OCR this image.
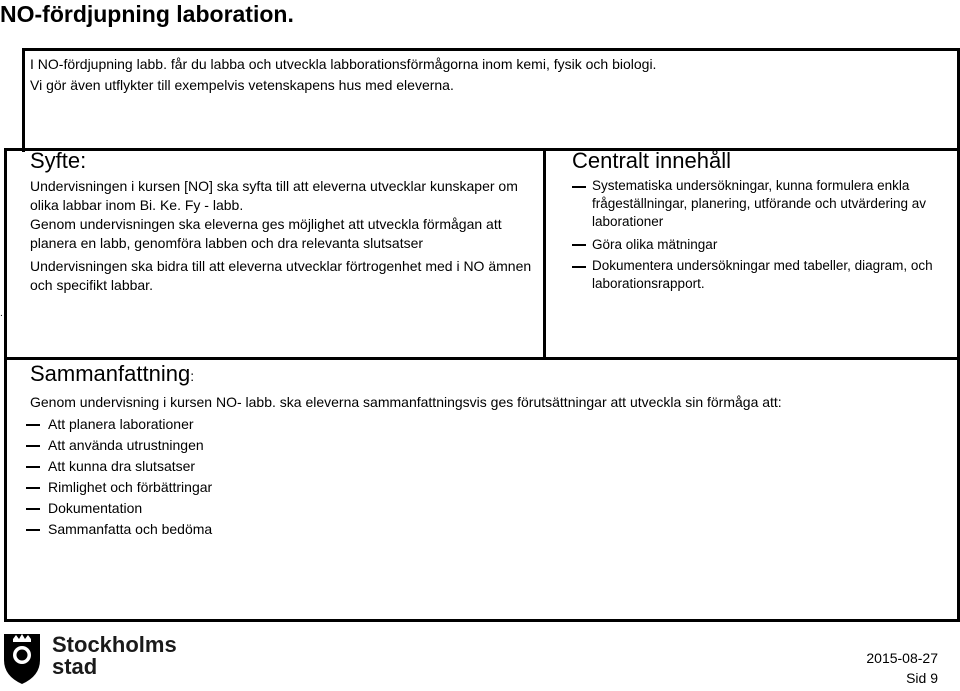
NO-fördjupning laboration.
I NO-fördjupning labb. får du labba och utveckla labborationsförmågorna inom kemi, fysik och biologi.
Vi gör även utflykter till exempelvis vetenskapens hus med eleverna.
Syfte:
Undervisningen i kursen [NO] ska syfta till att eleverna utvecklar kunskaper om olika labbar inom Bi. Ke. Fy - labb.
Genom undervisningen ska eleverna ges möjlighet att utveckla förmågan att planera en labb, genomföra labben och dra relevanta slutsatser
Undervisningen ska bidra till att eleverna utvecklar förtrogenhet med i NO ämnen och specifikt labbar.
Centralt innehåll
Systematiska undersökningar, kunna formulera enkla frågeställningar, planering, utförande och utvärdering av laborationer
Göra olika mätningar
Dokumentera undersökningar med tabeller, diagram, och laborationsrapport.
.
Sammanfattning:
Genom undervisning i kursen NO- labb. ska eleverna sammanfattningsvis ges förutsättningar att utveckla sin förmåga att:
Att planera laborationer
Att använda utrustningen
Att kunna dra slutsatser
Rimlighet och förbättringar
Dokumentation
Sammanfatta och bedöma
Stockholms
stad	2015-08-27
Sid 9
